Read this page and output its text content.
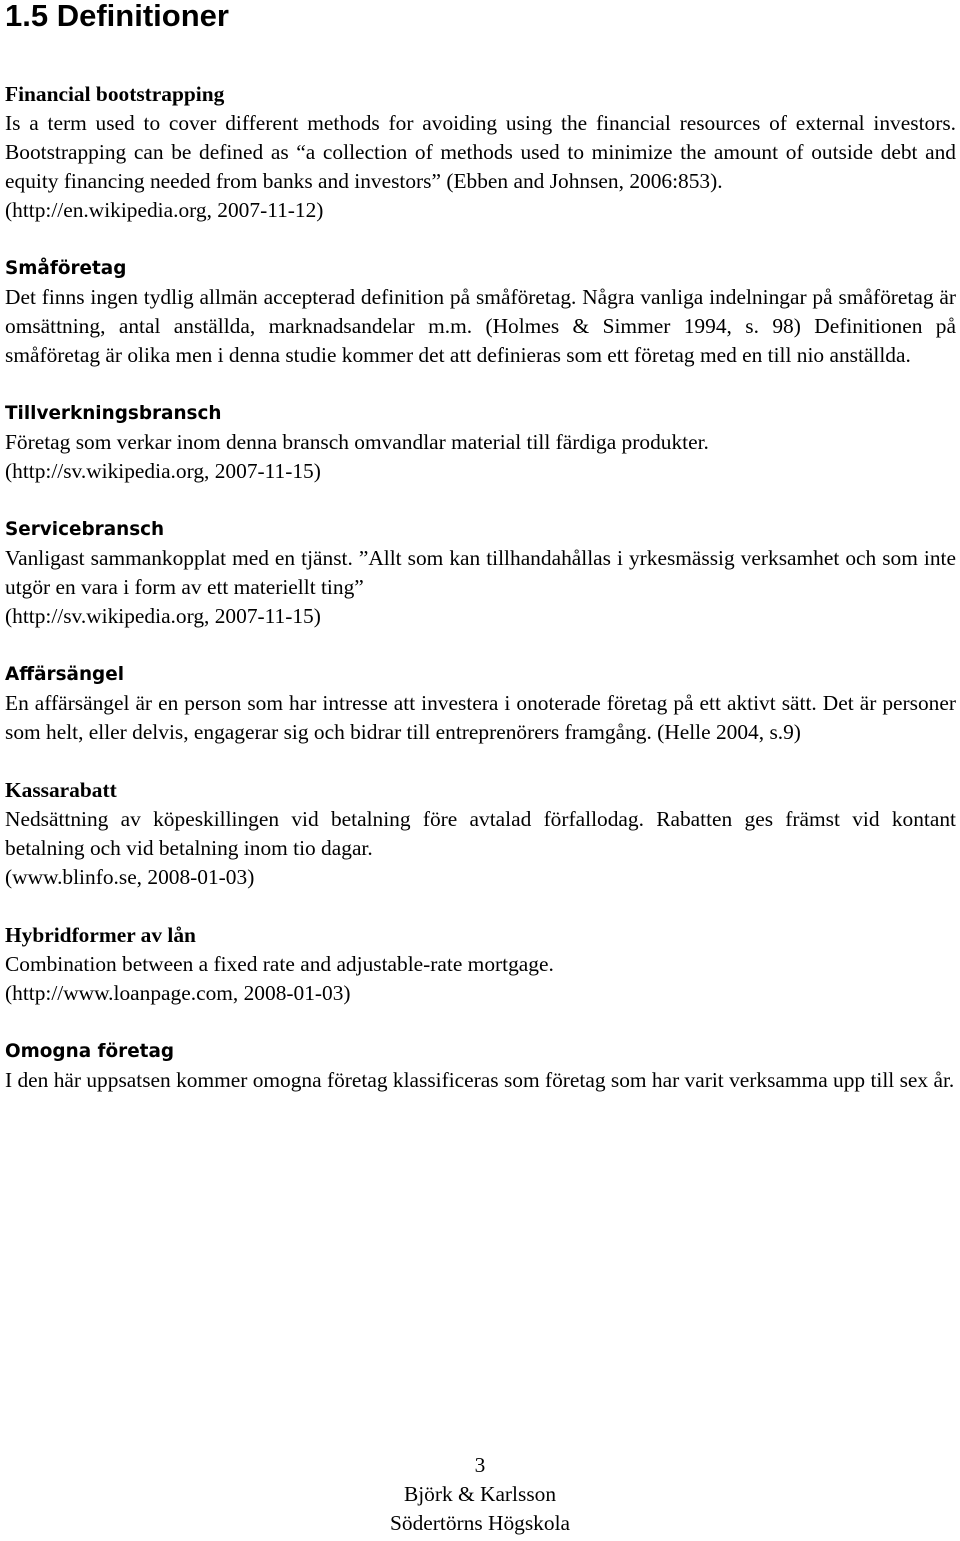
1.5 Definitioner
Financial bootstrapping
Is a term used to cover different methods for avoiding using the financial resources of external investors. Bootstrapping can be defined as “a collection of methods used to minimize the amount of outside debt and equity financing needed from banks and investors” (Ebben and Johnsen, 2006:853).
(http://en.wikipedia.org, 2007-11-12)
Småföretag
Det finns ingen tydlig allmän accepterad definition på småföretag. Några vanliga indelningar på småföretag är omsättning, antal anställda, marknadsandelar m.m. (Holmes & Simmer 1994, s. 98) Definitionen på småföretag är olika men i denna studie kommer det att definieras som ett företag med en till nio anställda.
Tillverkningsbransch
Företag som verkar inom denna bransch omvandlar material till färdiga produkter.
(http://sv.wikipedia.org, 2007-11-15)
Servicebransch
Vanligast sammankopplat med en tjänst. ”Allt som kan tillhandahållas i yrkesmässig verksamhet och som inte utgör en vara i form av ett materiellt ting”
(http://sv.wikipedia.org, 2007-11-15)
Affärsängel
En affärsängel är en person som har intresse att investera i onoterade företag på ett aktivt sätt. Det är personer som helt, eller delvis, engagerar sig och bidrar till entreprenörers framgång. (Helle 2004, s.9)
Kassarabatt
Nedsättning av köpeskillingen vid betalning före avtalad förfallodag. Rabatten ges främst vid kontant betalning och vid betalning inom tio dagar.
(www.blinfo.se, 2008-01-03)
Hybridformer av lån
Combination between a fixed rate and adjustable-rate mortgage.
(http://www.loanpage.com, 2008-01-03)
Omogna företag
I den här uppsatsen kommer omogna företag klassificeras som företag som har varit verksamma upp till sex år.
3
Björk & Karlsson
Södertörns Högskola
